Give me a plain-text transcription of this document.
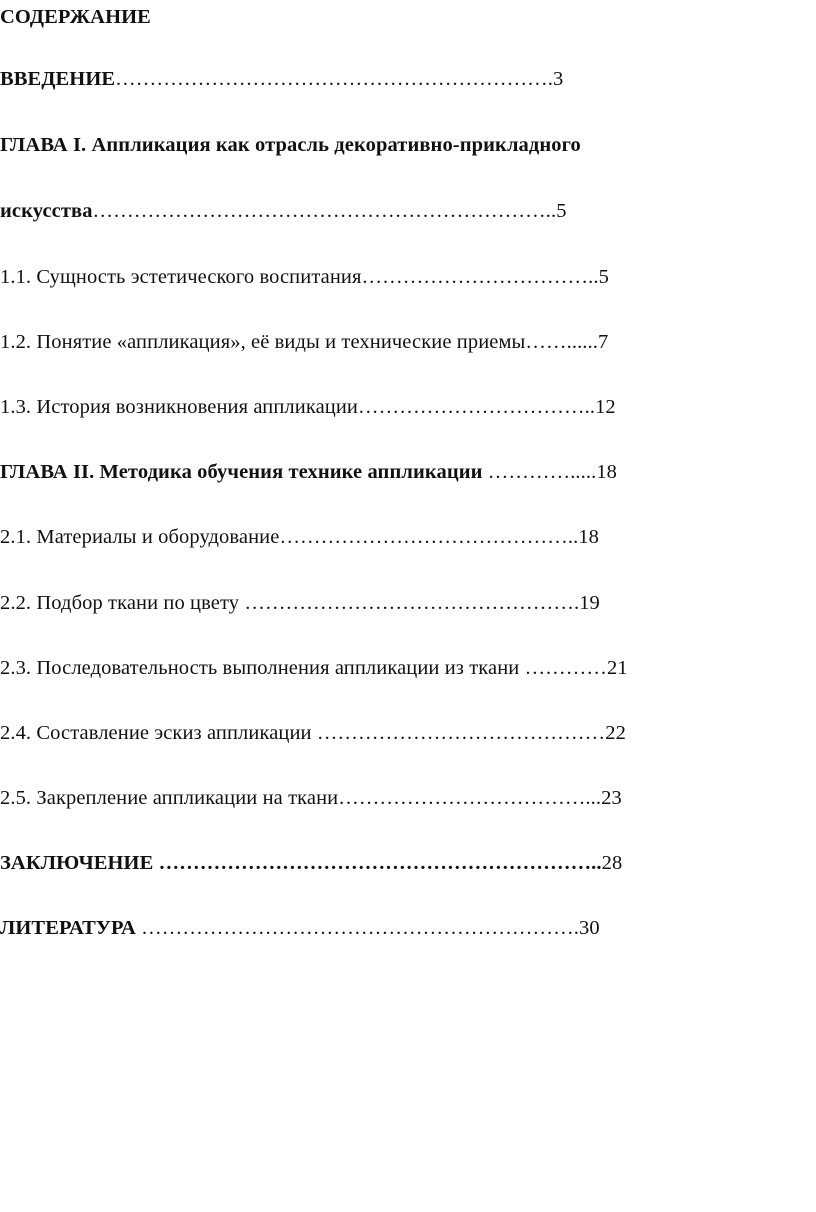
СОДЕРЖАНИЕ
ВВЕДЕНИЕ……………………………………………………….3
ГЛАВА I. Аппликация как отрасль декоративно-прикладного
искусства…………………………………………………………..5
1.1. Сущность эстетического воспитания……………………………..5
1.2. Понятие «аппликация», её виды и технические приемы……......7
1.3. История возникновения аппликации……………………………..12
ГЛАВА II. Методика обучения технике аппликации ………….....18
2.1. Материалы и оборудование……………………………………..18
2.2. Подбор ткани по цвету ………………………………………….19
2.3. Последовательность выполнения аппликации из ткани …………21
2.4. Составление эскиз аппликации ……………………………………22
2.5. Закрепление аппликации на ткани………………………………...23
ЗАКЛЮЧЕНИЕ ………………………………………………………..28
ЛИТЕРАТУРА ……………………………………………………….30
